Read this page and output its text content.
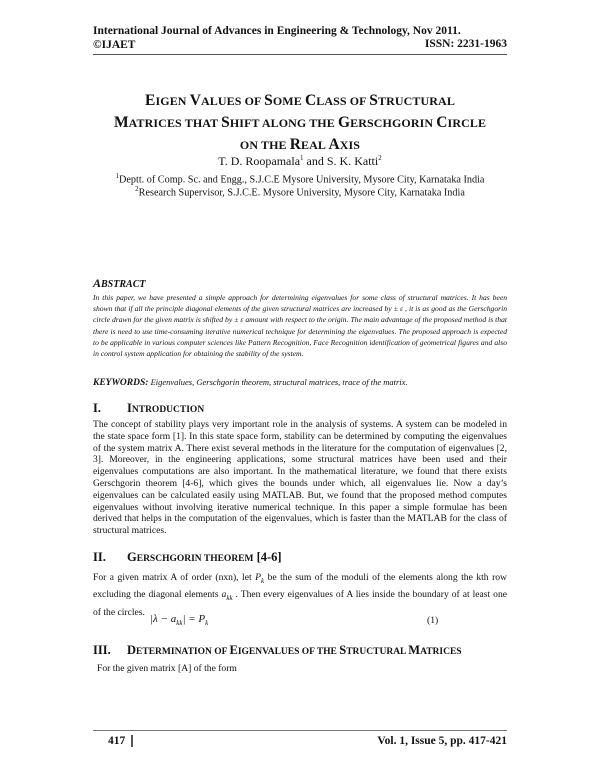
International Journal of Advances in Engineering & Technology, Nov 2011.
©IJAET	ISSN: 2231-1963
EIGEN VALUES OF SOME CLASS OF STRUCTURAL
MATRICES THAT SHIFT ALONG THE GERSCHGORIN CIRCLE
ON THE REAL AXIS
T. D. Roopamala$^1$ and S. K. Katti$^2$
$^1$Deptt. of Comp. Sc. and Engg., S.J.C.E Mysore University, Mysore City, Karnataka India
$^2$Research Supervisor, S.J.C.E. Mysore University, Mysore City, Karnataka India
ABSTRACT
In this paper, we have presented a simple approach for determining eigenvalues for some class of structural matrices. It has been shown that if all the principle diagonal elements of the given structural matrices are increased by ± ε , it is as good as the Gerschgorin circle drawn for the given matrix is shifted by ± ε amount with respect to the origin. The main advantage of the proposed method is that there is need to use time-consuming iterative numerical technique for determining the eigenvalues. The proposed approach is expected to be applicable in various computer sciences like Pattern Recognition, Face Recognition identification of geometrical figures and also in control system application for obtaining the stability of the system.
KEYWORDS: Eigenvalues, Gerschgorin theorem, structural matrices, trace of the matrix.
I. INTRODUCTION
The concept of stability plays very important role in the analysis of systems. A system can be modeled in the state space form [1]. In this state space form, stability can be determined by computing the eigenvalues of the system matrix A. There exist several methods in the literature for the computation of eigenvalues [2, 3]. Moreover, in the engineering applications, some structural matrices have been used and their eigenvalues computations are also important. In the mathematical literature, we found that there exists Gerschgorin theorem [4-6], which gives the bounds under which, all eigenvalues lie. Now a day’s eigenvalues can be calculated easily using MATLAB. But, we found that the proposed method computes eigenvalues without involving iterative numerical technique. In this paper a simple formulae has been derived that helps in the computation of the eigenvalues, which is faster than the MATLAB for the class of structural matrices.
II. GERSCHGORIN THEOREM [4-6]
For a given matrix A of order (nxn), let $P_k$ be the sum of the moduli of the elements along the kth row excluding the diagonal elements $a_{kk}$ . Then every eigenvalues of A lies inside the boundary of at least one of the circles.
$|\lambda - a_{kk}| = P_k$	(1)
III. DETERMINATION OF EIGENVALUES OF THE STRUCTURAL MATRICES
For the given matrix [A] of the form
417	Vol. 1, Issue 5, pp. 417-421
